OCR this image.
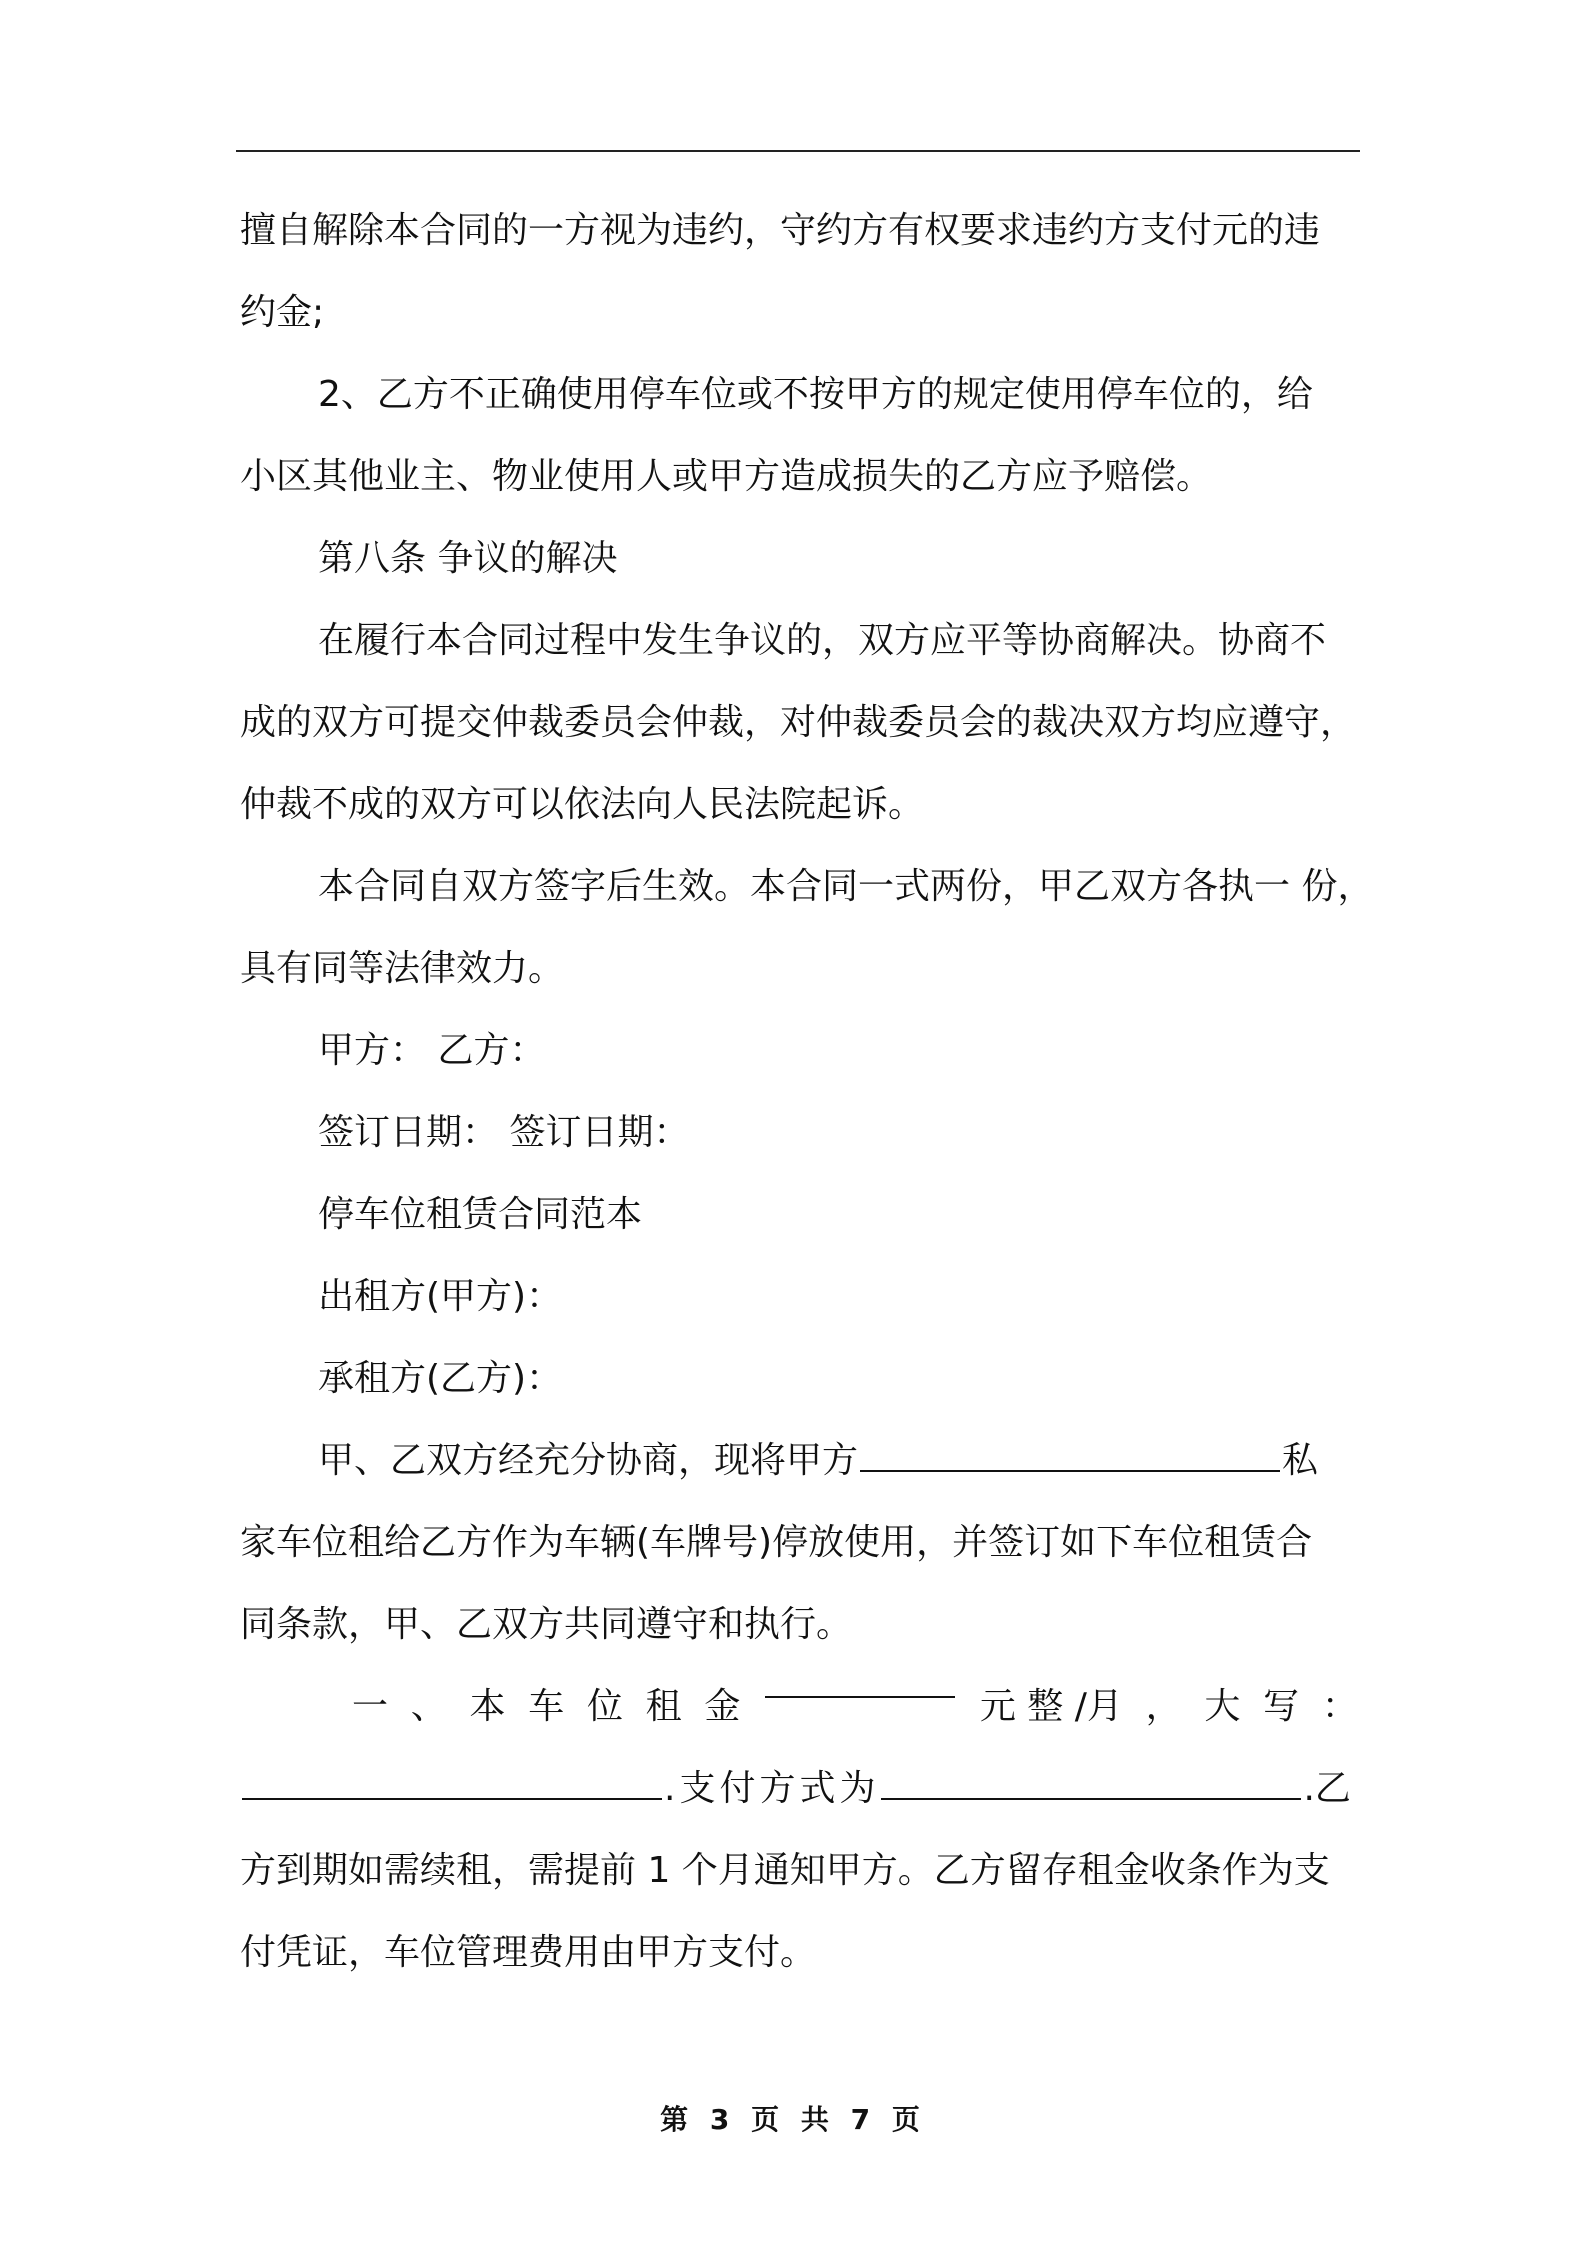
擅自解除本合同的一方视为违约，守约方有权要求违约方支付元的违
约金;
2、乙方不正确使用停车位或不按甲方的规定使用停车位的，给
小区其他业主、物业使用人或甲方造成损失的乙方应予赔偿。
第八条 争议的解决
在履行本合同过程中发生争议的，双方应平等协商解决。协商不
成的双方可提交仲裁委员会仲裁，对仲裁委员会的裁决双方均应遵守，
仲裁不成的双方可以依法向人民法院起诉。
本合同自双方签字后生效。本合同一式两份，甲乙双方各执一 份，
具有同等法律效力。
甲方： 乙方：
签订日期： 签订日期：
停车位租赁合同范本
出租方(甲方)：
承租方(乙方)：
甲、乙双方经充分协商，现将甲方	私
家车位租给乙方作为车辆(车牌号)停放使用，并签订如下车位租赁合
同条款，甲、乙双方共同遵守和执行。
一 、 本 车 位 租 金	元 整 /月 ， 大 写 ：
.支付方式为	.乙
方到期如需续租，需提前 1 个月通知甲方。乙方留存租金收条作为支
付凭证，车位管理费用由甲方支付。
第 3 页 共 7 页
